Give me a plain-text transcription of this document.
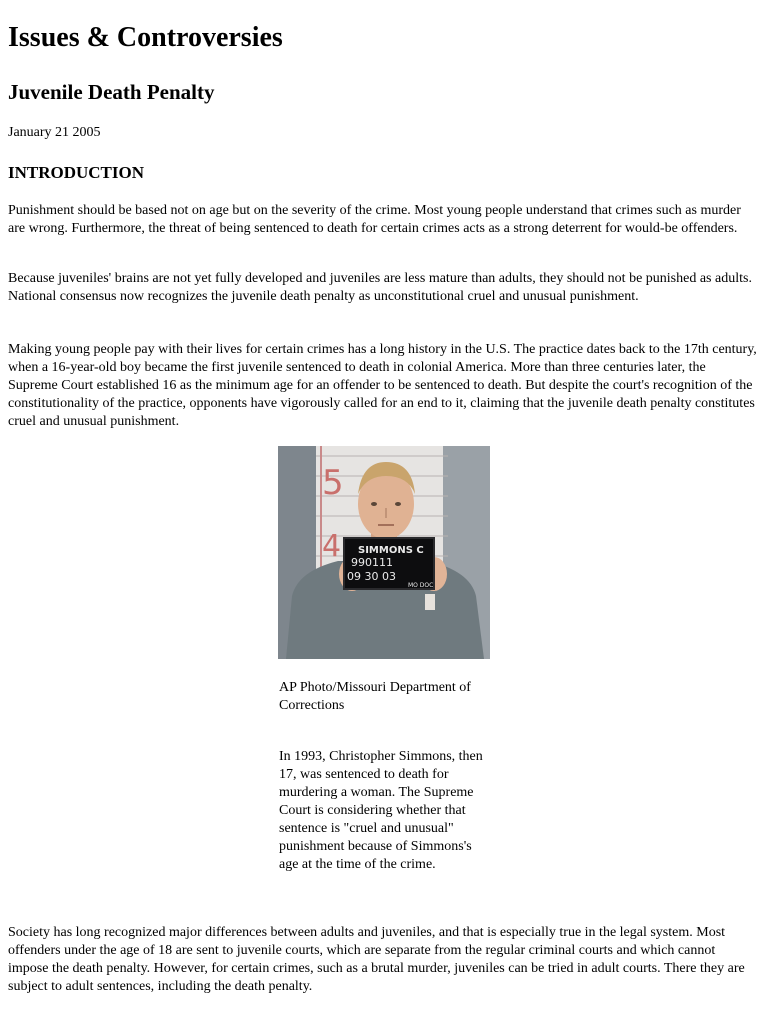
Issues & Controversies
Juvenile Death Penalty

January 21 2005

INTRODUCTION

Punishment should be based not on age but on the severity of the crime. Most young people understand that crimes such as murder are wrong. Furthermore, the threat of being sentenced to death for certain crimes acts as a strong deterrent for would-be offenders.

Because juveniles' brains are not yet fully developed and juveniles are less mature than adults, they should not be punished as adults. National consensus now recognizes the juvenile death penalty as unconstitutional cruel and unusual punishment.

Making young people pay with their lives for certain crimes has a long history in the U.S. The practice dates back to the 17th century, when a 16-year-old boy became the first juvenile sentenced to death in colonial America. More than three centuries later, the Supreme Court established 16 as the minimum age for an offender to be sentenced to death. But despite the court's recognition of the constitutionality of the practice, opponents have vigorously called for an end to it, claiming that the juvenile death penalty constitutes cruel and unusual punishment.

5
4 SIMMONS C
990111
09 30 03
MO DOC

AP Photo/Missouri Department of Corrections

In 1993, Christopher Simmons, then 17, was sentenced to death for murdering a woman. The Supreme Court is considering whether that sentence is "cruel and unusual" punishment because of Simmons's age at the time of the crime.

Society has long recognized major differences between adults and juveniles, and that is especially true in the legal system. Most offenders under the age of 18 are sent to juvenile courts, which are separate from the regular criminal courts and which cannot impose the death penalty. However, for certain crimes, such as a brutal murder, juveniles can be tried in adult courts. There they are subject to adult sentences, including the death penalty.
